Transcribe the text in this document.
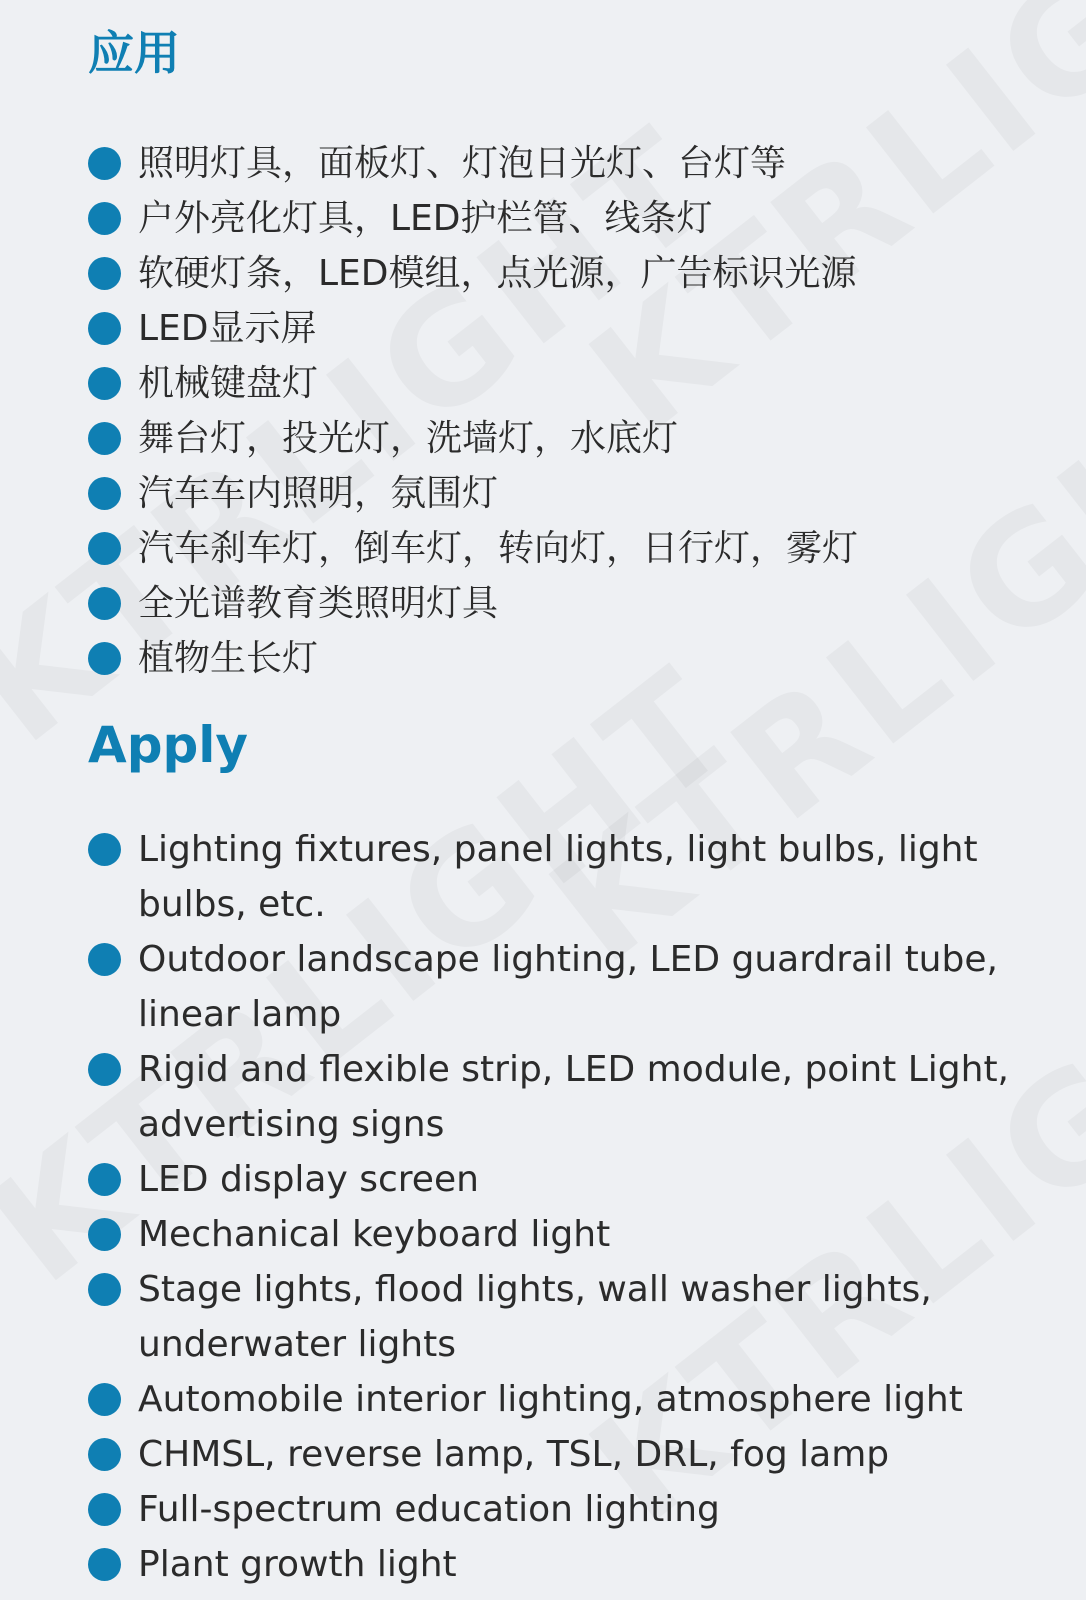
应用
照明灯具，面板灯、灯泡日光灯、台灯等
户外亮化灯具，LED护栏管、线条灯
软硬灯条，LED模组，点光源，广告标识光源
LED显示屏
机械键盘灯
舞台灯，投光灯，洗墙灯，水底灯
汽车车内照明，氛围灯
汽车刹车灯，倒车灯，转向灯，日行灯，雾灯
全光谱教育类照明灯具
植物生长灯
Apply
Lighting fixtures, panel lights, light bulbs, light bulbs, etc.
Outdoor landscape lighting, LED guardrail tube, linear lamp
Rigid and flexible strip, LED module, point Light, advertising signs
LED display screen
Mechanical keyboard light
Stage lights, flood lights, wall washer lights, underwater lights
Automobile interior lighting, atmosphere light
CHMSL, reverse lamp, TSL, DRL, fog lamp
Full-spectrum education lighting
Plant growth light
